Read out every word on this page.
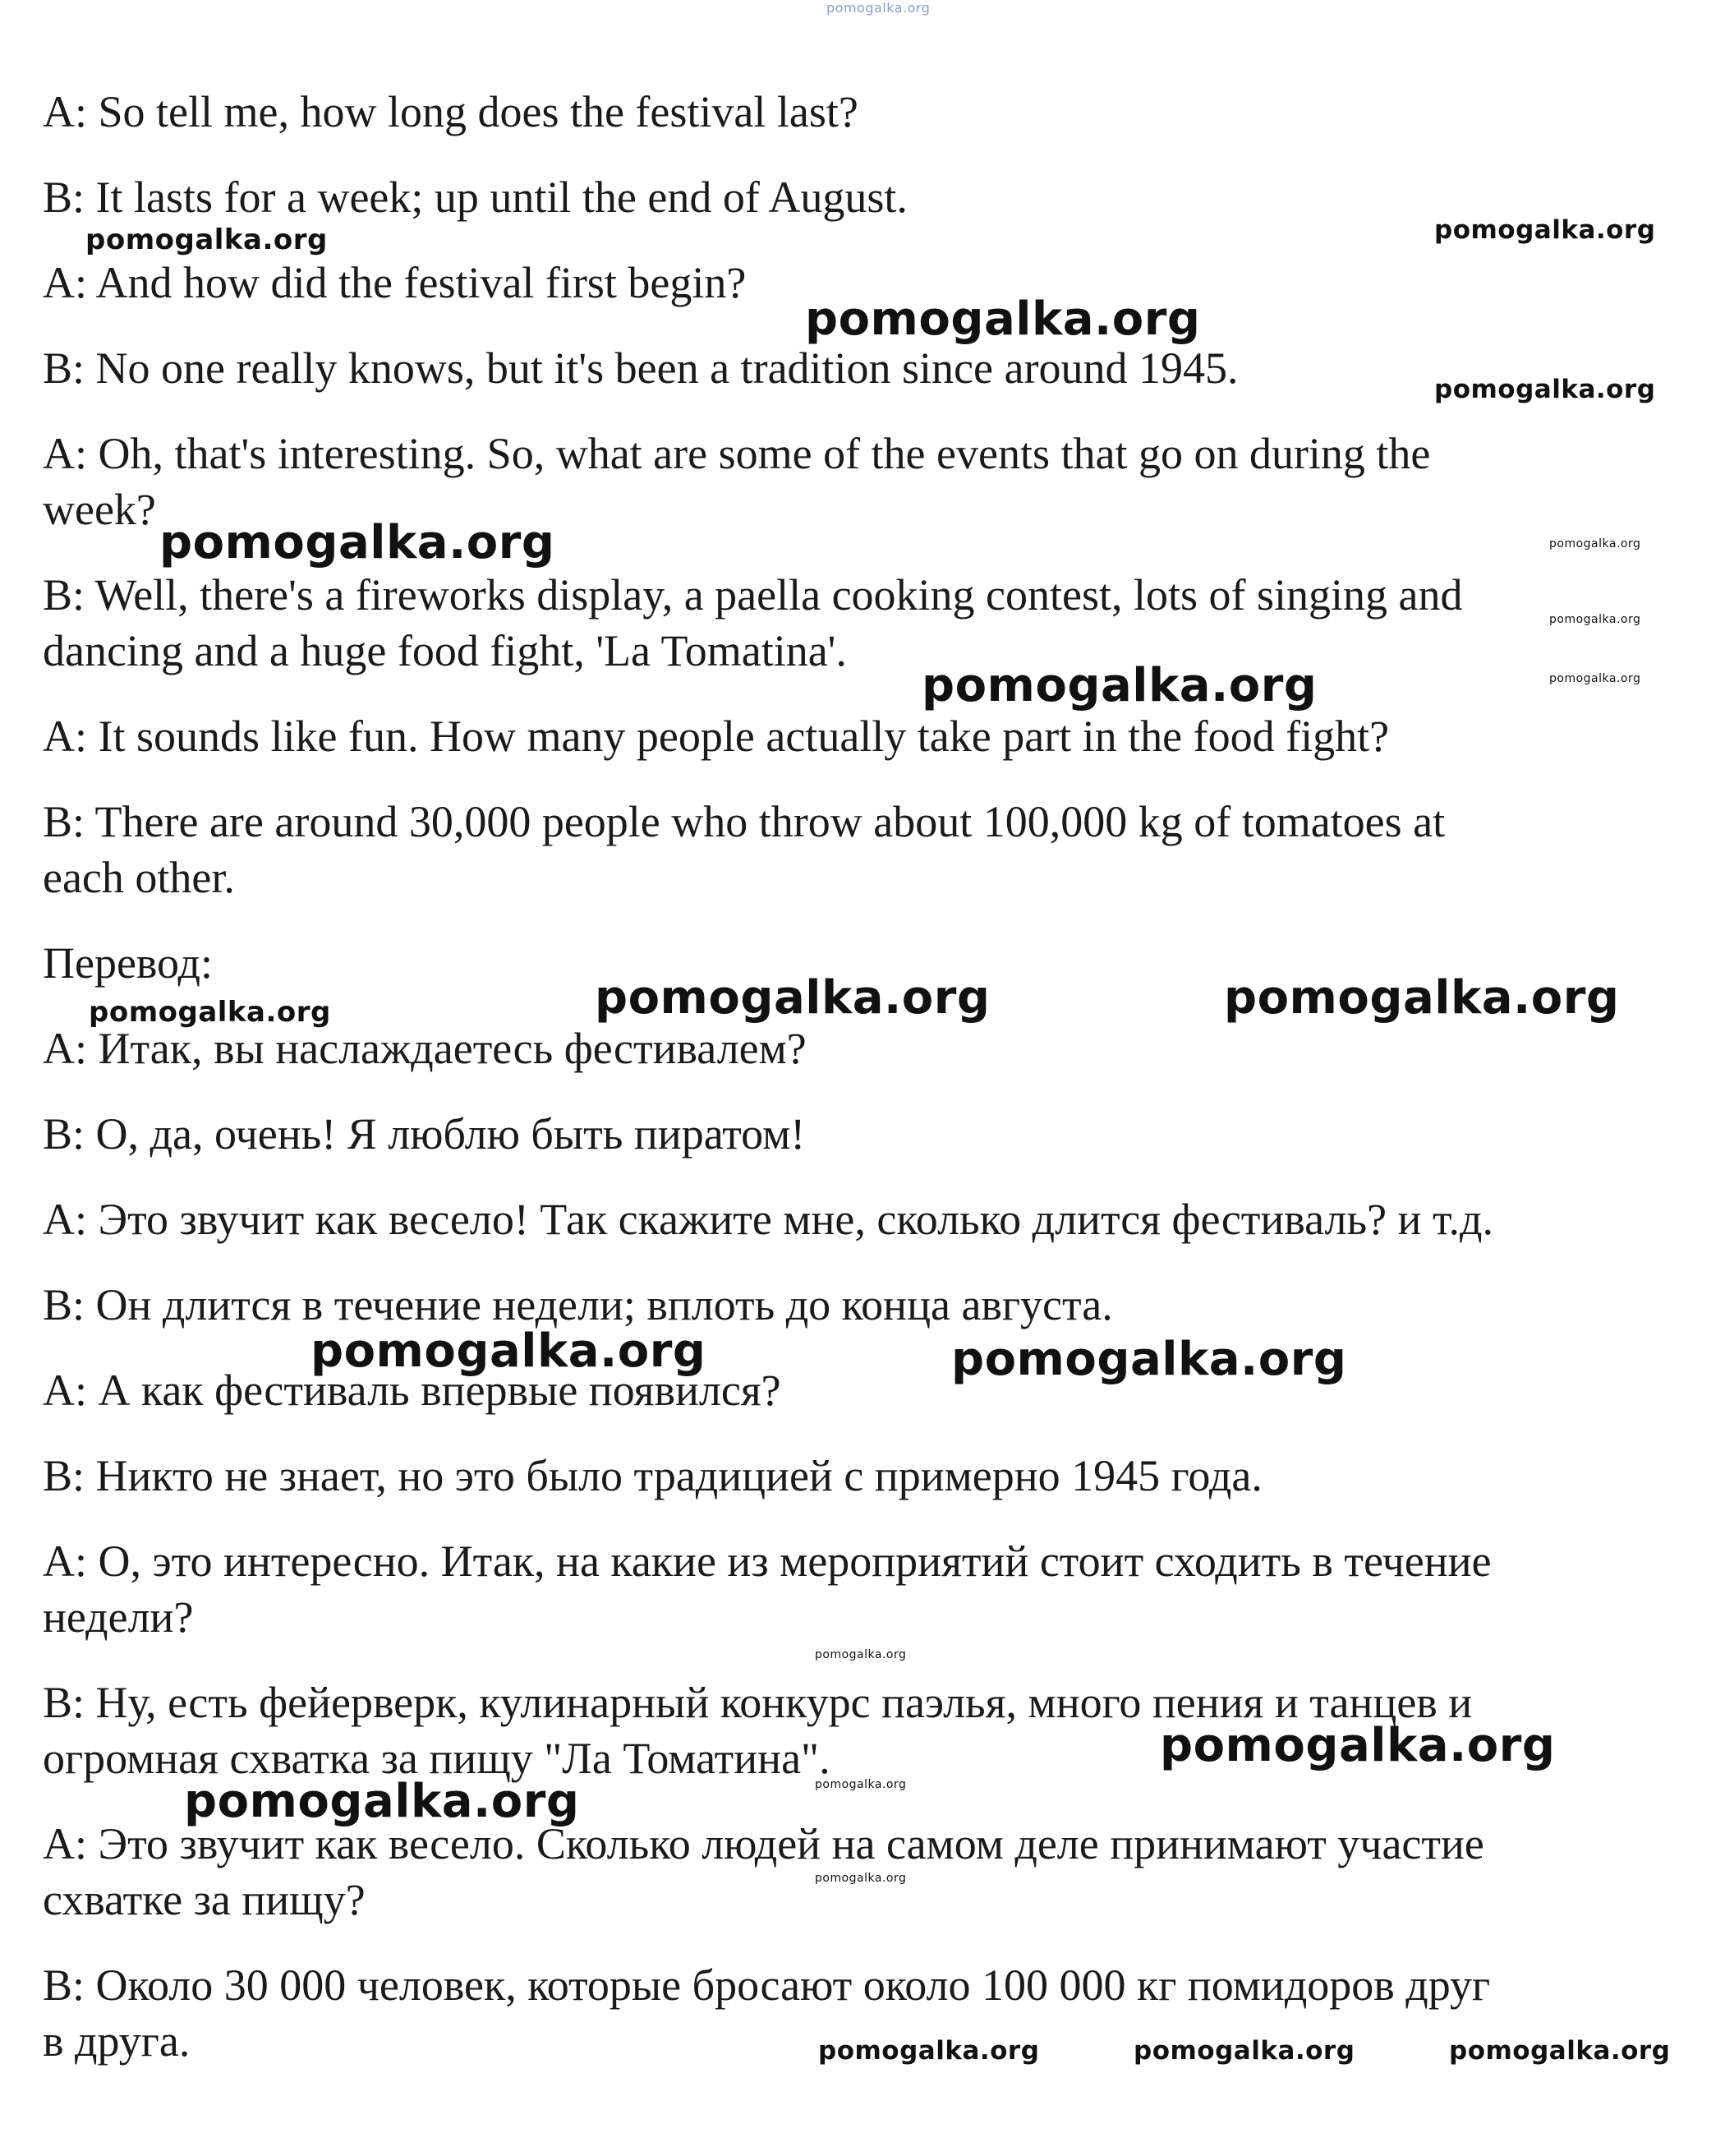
pomogalka.org
A: So tell me, how long does the festival last?
B: It lasts for a week; up until the end of August.
A: And how did the festival first begin?
B: No one really knows, but it's been a tradition since around 1945.
A: Oh, that's interesting. So, what are some of the events that go on during the
week?
B: Well, there's a fireworks display, a paella cooking contest, lots of singing and
dancing and a huge food fight, 'La Tomatina'.
A: It sounds like fun. How many people actually take part in the food fight?
B: There are around 30,000 people who throw about 100,000 kg of tomatoes at
each other.
Перевод:
А: Итак, вы наслаждаетесь фестивалем?
В: О, да, очень! Я люблю быть пиратом!
А: Это звучит как весело! Так скажите мне, сколько длится фестиваль? и т.д.
В: Он длится в течение недели; вплоть до конца августа.
А: А как фестиваль впервые появился?
В: Никто не знает, но это было традицией с примерно 1945 года.
А: О, это интересно. Итак, на какие из мероприятий стоит сходить в течение
недели?
В: Ну, есть фейерверк, кулинарный конкурс паэлья, много пения и танцев и
огромная схватка за пищу "Ла Томатина".
А: Это звучит как весело. Сколько людей на самом деле принимают участие
схватке за пищу?
В: Около 30 000 человек, которые бросают около 100 000 кг помидоров друг
в друга.
pomogalka.org	pomogalka.org
pomogalka.org
pomogalka.org
pomogalka.org	pomogalka.org
pomogalka.org
pomogalka.org
pomogalka.org
pomogalka.org	pomogalka.org	pomogalka.org
pomogalka.org	pomogalka.org
pomogalka.org
pomogalka.org
pomogalka.org
pomogalka.org
pomogalka.org
pomogalka.org	pomogalka.org	pomogalka.org
